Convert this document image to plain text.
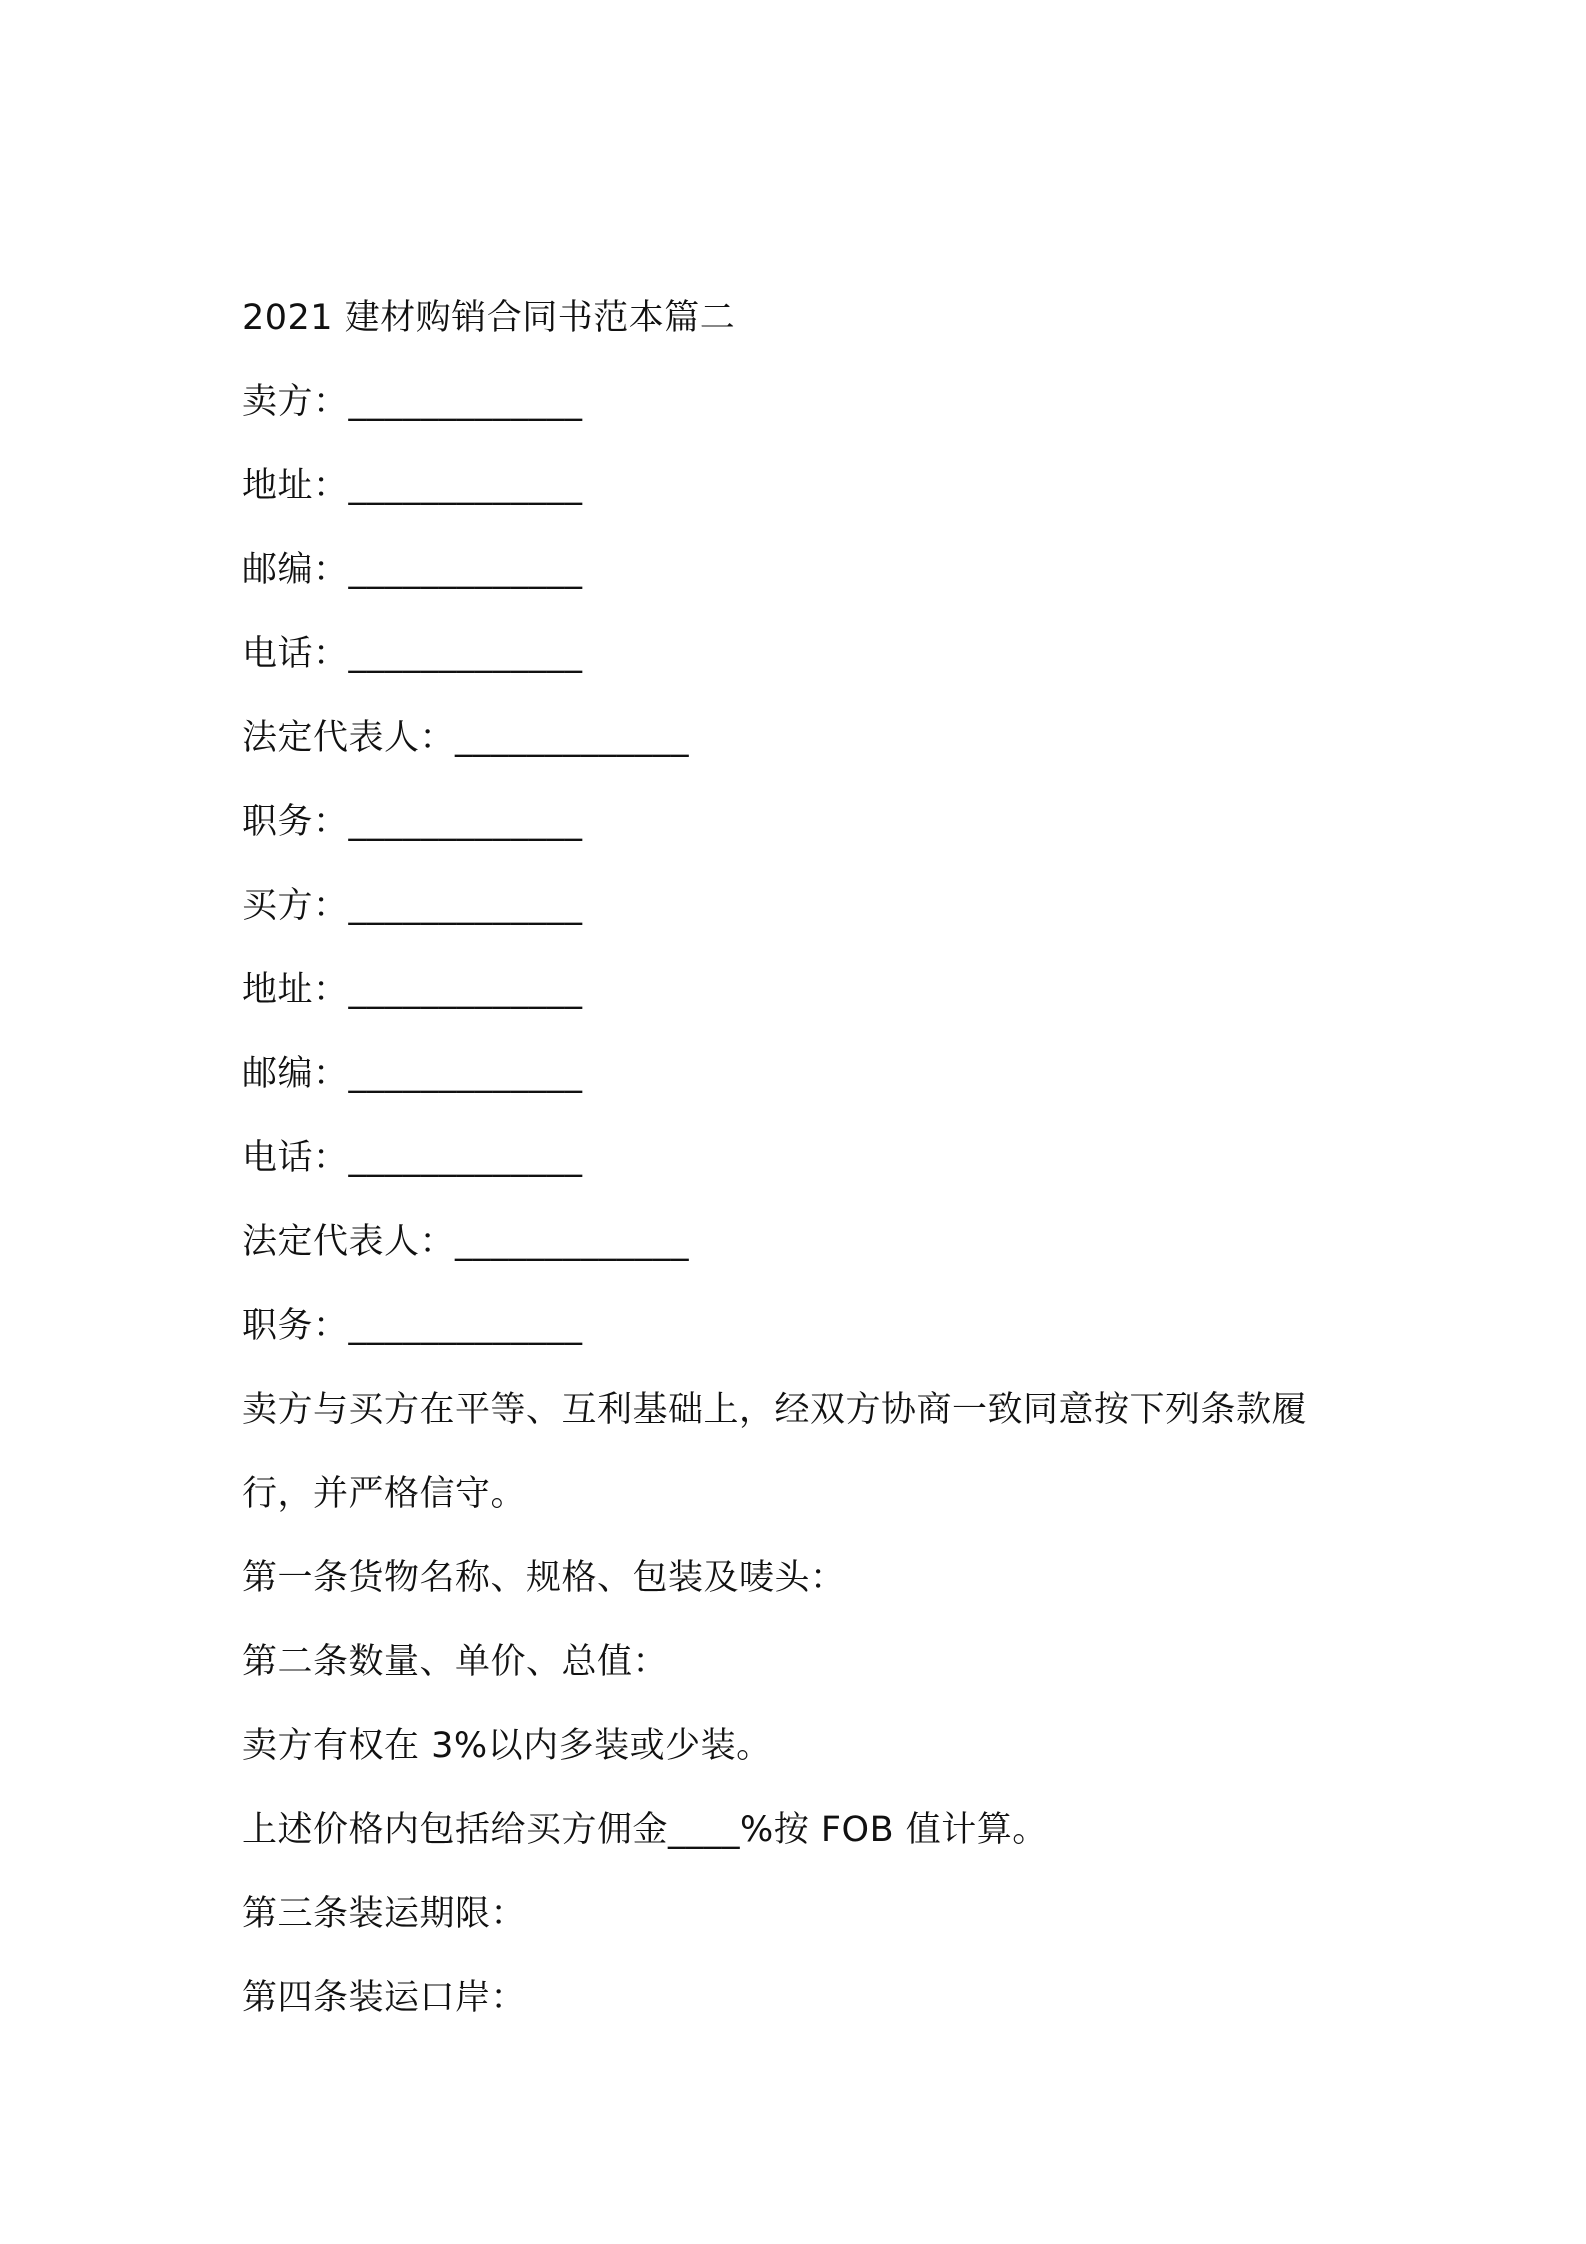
2021 建材购销合同书范本篇二
卖方：_____________
地址：_____________
邮编：_____________
电话：_____________
法定代表人：_____________
职务：_____________
买方：_____________
地址：_____________
邮编：_____________
电话：_____________
法定代表人：_____________
职务：_____________
卖方与买方在平等、互利基础上，经双方协商一致同意按下列条款履
行，并严格信守。
第一条货物名称、规格、包装及唛头：
第二条数量、单价、总值：
卖方有权在 3%以内多装或少装。
上述价格内包括给买方佣金____%按 FOB 值计算。
第三条装运期限：
第四条装运口岸：
